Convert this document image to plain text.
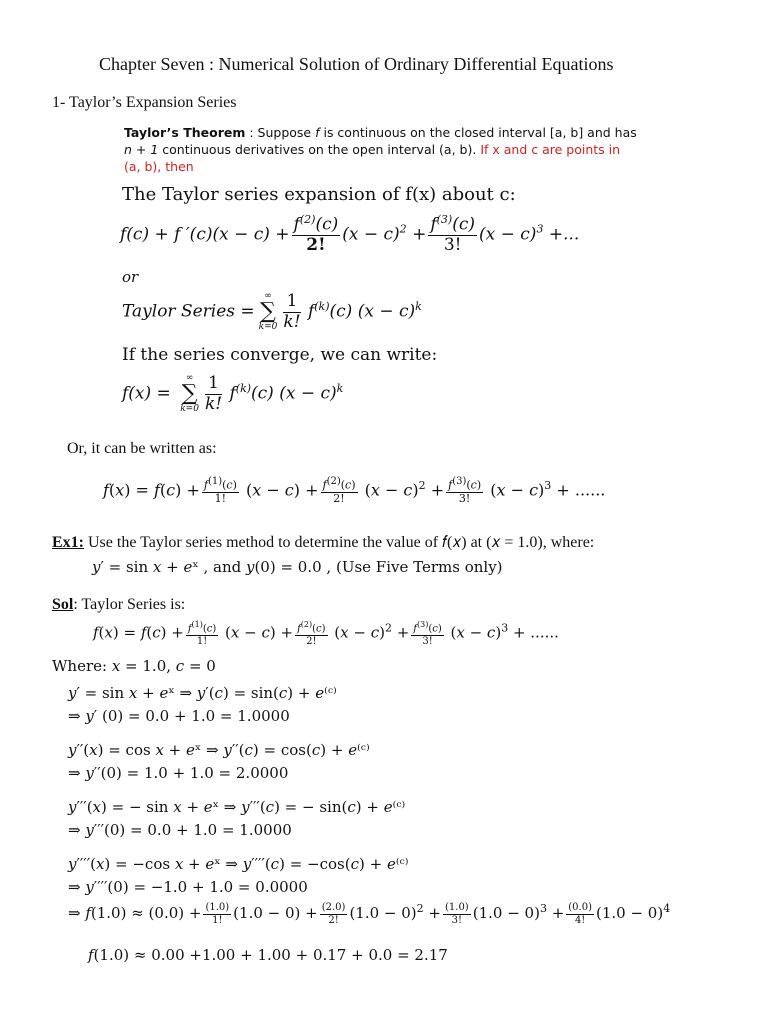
Chapter Seven : Numerical Solution of Ordinary Differential Equations
1- Taylor’s Expansion Series
Taylor’s Theorem : Suppose f is continuous on the closed interval [a, b] and has
n + 1 continuous derivatives on the open interval (a, b). If x and c are points in
(a, b), then
The Taylor series expansion of f(x) about c:
f(c) + f $'(c)(x - c) + \frac{f^{(2)}(c)}{2!} (x - c)^2 + \frac{f^{(3)}(c)}{3!} (x - c)^3$ +...
or
Taylor Series =
∞
∑
$k=0 \frac{1}{k!} f^{(k)}(c) (x - c)^k$
If the series converge, we can write:
f(x) =
∞
∑
$k=0 \frac{1}{k!} f^{(k)}(c) (x - c)^k$
Or, it can be written as:
𝑓(𝑥) = 𝑓(𝑐) + $\frac{𝑓^{(1)}(𝑐)}{1!}$ (𝑥 − 𝑐) + $\frac{𝑓^{(2)}(𝑐)}{2!}$ (𝑥 − 𝑐)$^2$ + $\frac{𝑓^{(3)}(𝑐)}{3!}$ (𝑥 − 𝑐)$^3$ + ......
Ex1: Use the Taylor series method to determine the value of 𝑓(𝑥) at (𝑥 = 1.0), where:
𝑦′ = sin 𝑥 + 𝑒ˣ , and 𝑦(0) = 0.0 , (Use Five Terms only)
Sol: Taylor Series is:
𝑓(𝑥) = 𝑓(𝑐) + $\frac{𝑓^{(1)}(𝑐)}{1!}$ (𝑥 − 𝑐) + $\frac{𝑓^{(2)}(𝑐)}{2!}$ (𝑥 − 𝑐)$^2$ + $\frac{𝑓^{(3)}(𝑐)}{3!}$ (𝑥 − 𝑐)$^3$ + ......
Where: 𝑥 = 1.0, 𝑐 = 0
𝑦′ = sin 𝑥 + 𝑒ˣ ⇒ 𝑦′(𝑐) = sin(𝑐) + 𝑒⁽ᶜ⁾
⇒ 𝑦′ (0) = 0.0 + 1.0 = 1.0000
𝑦′′(𝑥) = cos 𝑥 + 𝑒ˣ ⇒ 𝑦′′(𝑐) = cos(𝑐) + 𝑒⁽ᶜ⁾
⇒ 𝑦′′(0) = 1.0 + 1.0 = 2.0000
𝑦′′′(𝑥) = − sin 𝑥 + 𝑒ˣ ⇒ 𝑦′′′(𝑐) = − sin(𝑐) + 𝑒⁽ᶜ⁾
⇒ 𝑦′′′(0) = 0.0 + 1.0 = 1.0000
𝑦′′′′(𝑥) = −cos 𝑥 + 𝑒ˣ ⇒ 𝑦′′′′(𝑐) = −cos(𝑐) + 𝑒⁽ᶜ⁾
⇒ 𝑦′′′′(0) = −1.0 + 1.0 = 0.0000
⇒ 𝑓(1.0) ≈ $(0.0) + \frac{(1.0)}{1!} (1.0 - 0) + \frac{(2.0)}{2!} (1.0 - 0)^2 + \frac{(1.0)}{3!} (1.0 - 0)^3 + \frac{(0.0)}{4!} (1.0 - 0)^4$
𝑓(1.0) ≈ 0.00 +1.00 + 1.00 + 0.17 + 0.0 = 2.17
